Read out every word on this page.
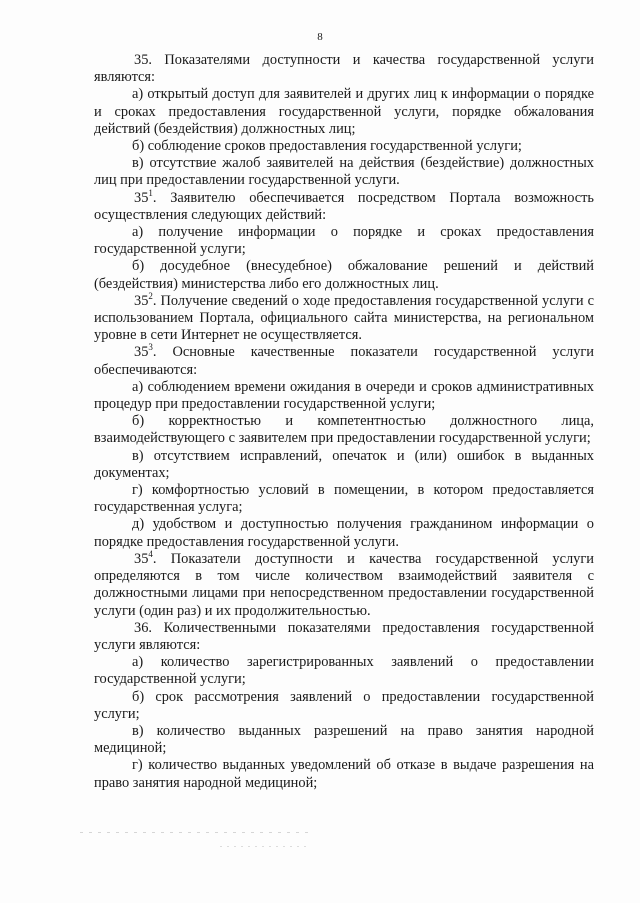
8

35. Показателями доступности и качества государственной услуги являются:

а) открытый доступ для заявителей и других лиц к информации о порядке и сроках предоставления государственной услуги, порядке обжалования действий (бездействия) должностных лиц;

б) соблюдение сроков предоставления государственной услуги;

в) отсутствие жалоб заявителей на действия (бездействие) должностных лиц при предоставлении государственной услуги.

$35^1$. Заявителю обеспечивается посредством Портала возможность осуществления следующих действий:

а) получение информации о порядке и сроках предоставления государственной услуги;

б) досудебное (внесудебное) обжалование решений и действий (бездействия) министерства либо его должностных лиц.

$35^2$. Получение сведений о ходе предоставления государственной услуги с использованием Портала, официального сайта министерства, на региональном уровне в сети Интернет не осуществляется.

$35^3$. Основные качественные показатели государственной услуги обеспечиваются:

а) соблюдением времени ожидания в очереди и сроков административных процедур при предоставлении государственной услуги;

б) корректностью и компетентностью должностного лица, взаимодействующего с заявителем при предоставлении государственной услуги;

в) отсутствием исправлений, опечаток и (или) ошибок в выданных документах;

г) комфортностью условий в помещении, в котором предоставляется государственная услуга;

д) удобством и доступностью получения гражданином информации о порядке предоставления государственной услуги.

$35^4$. Показатели доступности и качества государственной услуги определяются в том числе количеством взаимодействий заявителя с должностными лицами при непосредственном предоставлении государственной услуги (один раз) и их продолжительностью.

36. Количественными показателями предоставления государственной услуги являются:

а) количество зарегистрированных заявлений о предоставлении государственной услуги;

б) срок рассмотрения заявлений о предоставлении государственной услуги;

в) количество выданных разрешений на право занятия народной медициной;

г) количество выданных уведомлений об отказе в выдаче разрешения на право занятия народной медициной;
